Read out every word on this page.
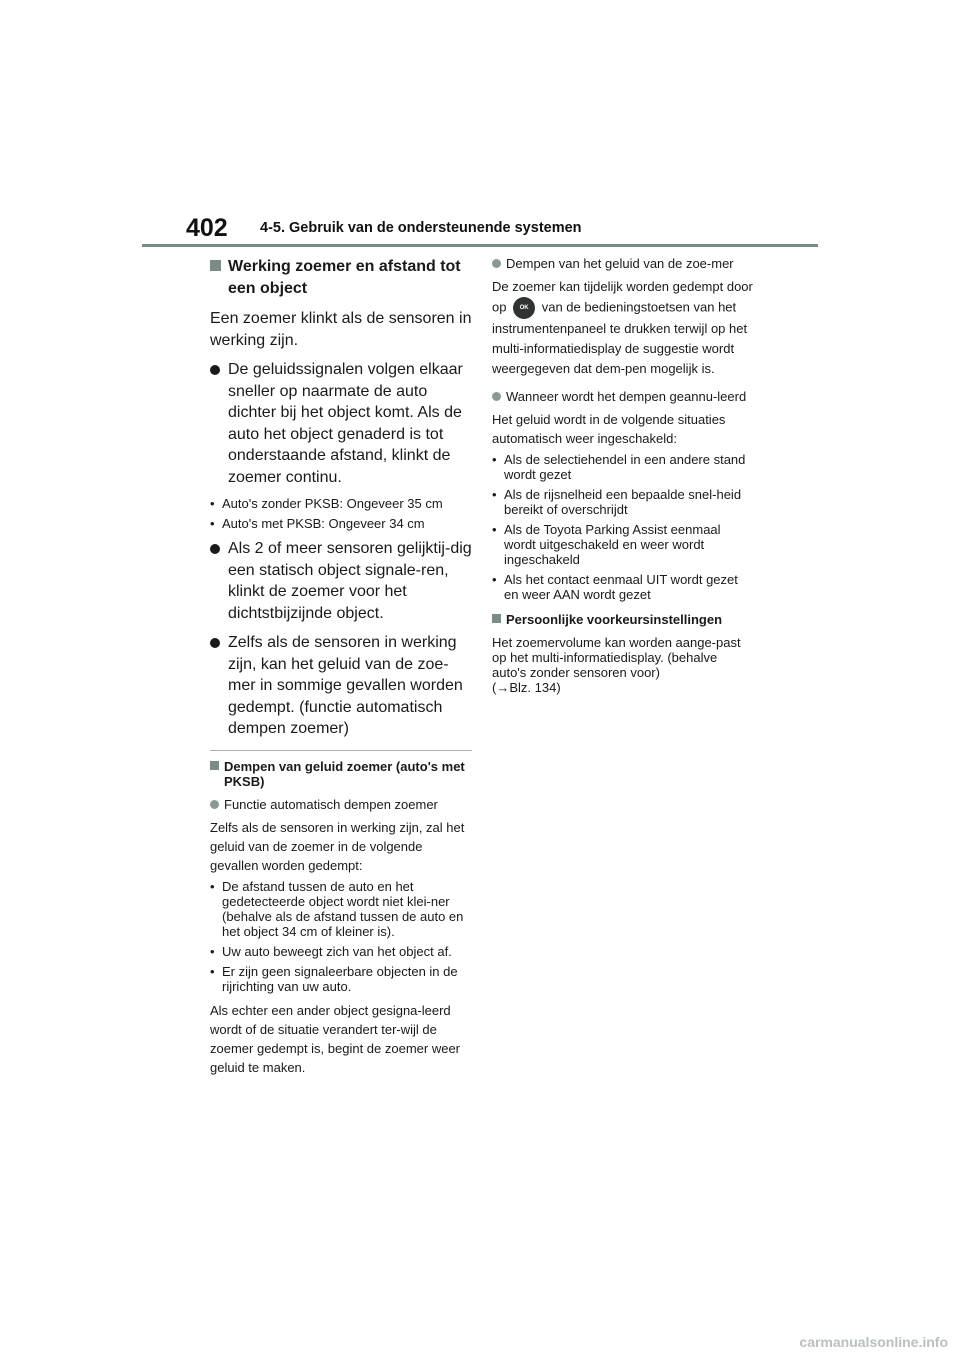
402 4-5. Gebruik van de ondersteunende systemen
Werking zoemer en afstand tot een object

Een zoemer klinkt als de sensoren in werking zijn.

De geluidssignalen volgen elkaar sneller op naarmate de auto dichter bij het object komt. Als de auto het object genaderd is tot onderstaande afstand, klinkt de zoemer continu.
• Auto's zonder PKSB: Ongeveer 35 cm
• Auto's met PKSB: Ongeveer 34 cm
Als 2 of meer sensoren gelijktij-dig een statisch object signale-ren, klinkt de zoemer voor het dichtstbijzijnde object.
Zelfs als de sensoren in werking zijn, kan het geluid van de zoe-mer in sommige gevallen worden gedempt. (functie automatisch dempen zoemer)
Dempen van geluid zoemer (auto's met PKSB)
Functie automatisch dempen zoemer

Zelfs als de sensoren in werking zijn, zal het geluid van de zoemer in de volgende gevallen worden gedempt:

• De afstand tussen de auto en het gedetecteerde object wordt niet klei-ner (behalve als de afstand tussen de auto en het object 34 cm of kleiner is).
• Uw auto beweegt zich van het object af.
• Er zijn geen signaleerbare objecten in de rijrichting van uw auto.

Als echter een ander object gesigna-leerd wordt of de situatie verandert ter-wijl de zoemer gedempt is, begint de zoemer weer geluid te maken.

Dempen van het geluid van de zoe-mer

De zoemer kan tijdelijk worden gedempt door op OK van de bedieningstoetsen van het instrumentenpaneel te drukken terwijl op het multi-informatiedisplay de suggestie wordt weergegeven dat dem-pen mogelijk is.

Wanneer wordt het dempen geannu-leerd

Het geluid wordt in de volgende situaties automatisch weer ingeschakeld:

• Als de selectiehendel in een andere stand wordt gezet
• Als de rijsnelheid een bepaalde snel-heid bereikt of overschrijdt
• Als de Toyota Parking Assist eenmaal wordt uitgeschakeld en weer wordt ingeschakeld
• Als het contact eenmaal UIT wordt gezet en weer AAN wordt gezet
Persoonlijke voorkeursinstellingen

Het zoemervolume kan worden aange-past op het multi-informatiedisplay. (behalve auto's zonder sensoren voor)
(→Blz. 134)

carmanualsonline.info
